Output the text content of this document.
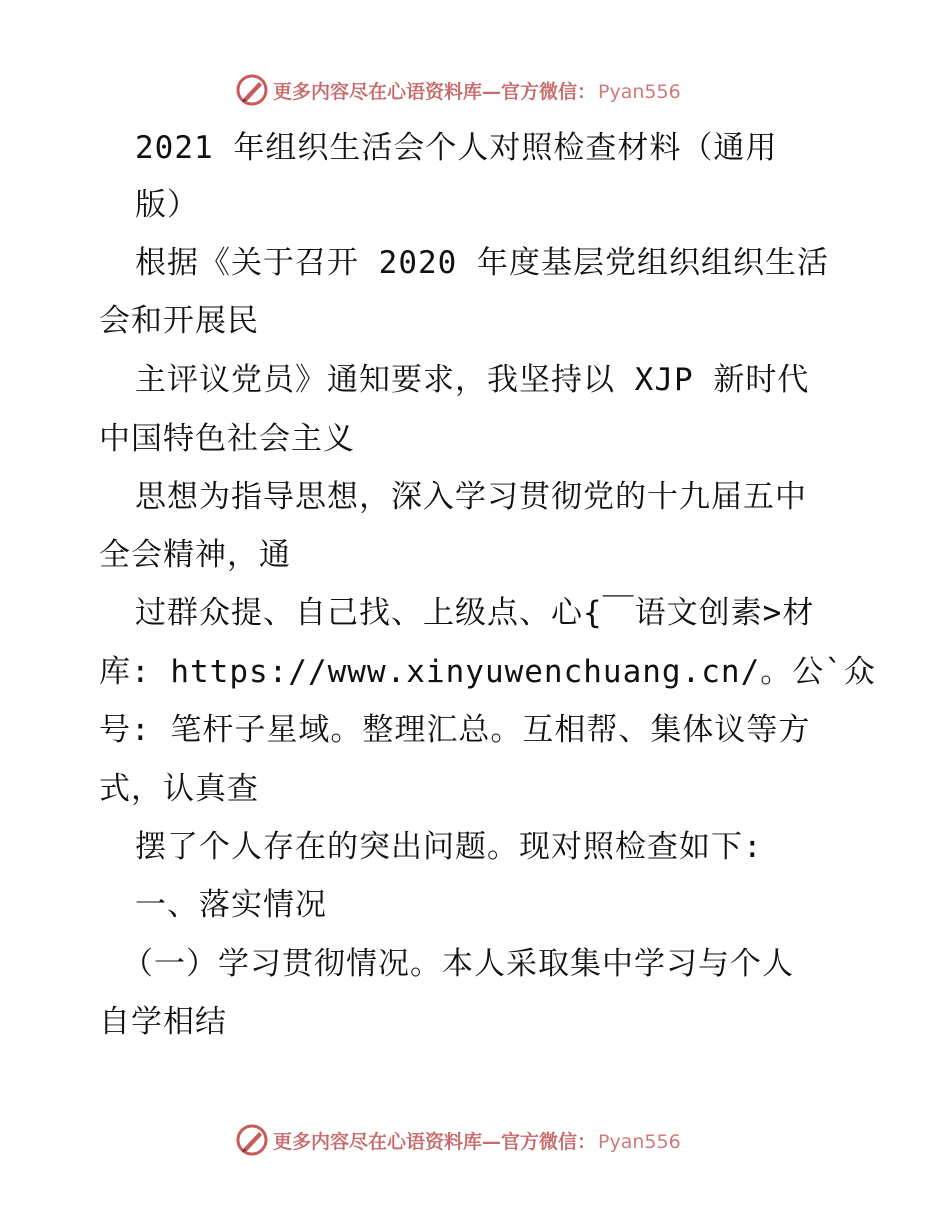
更多内容尽在心语资料库—官方微信： Pyan556
2021 年组织生活会个人对照检查材料（通用
版）
根据《关于召开 2020 年度基层党组织组织生活
会和开展民
主评议党员》通知要求，我坚持以 XJP 新时代
中国特色社会主义
思想为指导思想，深入学习贯彻党的十九届五中
全会精神，通
过群众提、自己找、上级点、心{￣语文创素>材
库: https://www.xinyuwenchuang.cn/。公`众
号: 笔杆子星域。整理汇总。互相帮、集体议等方
式，认真查
摆了个人存在的突出问题。现对照检查如下:
一、落实情况
（一）学习贯彻情况。本人采取集中学习与个人
自学相结
更多内容尽在心语资料库—官方微信： Pyan556
